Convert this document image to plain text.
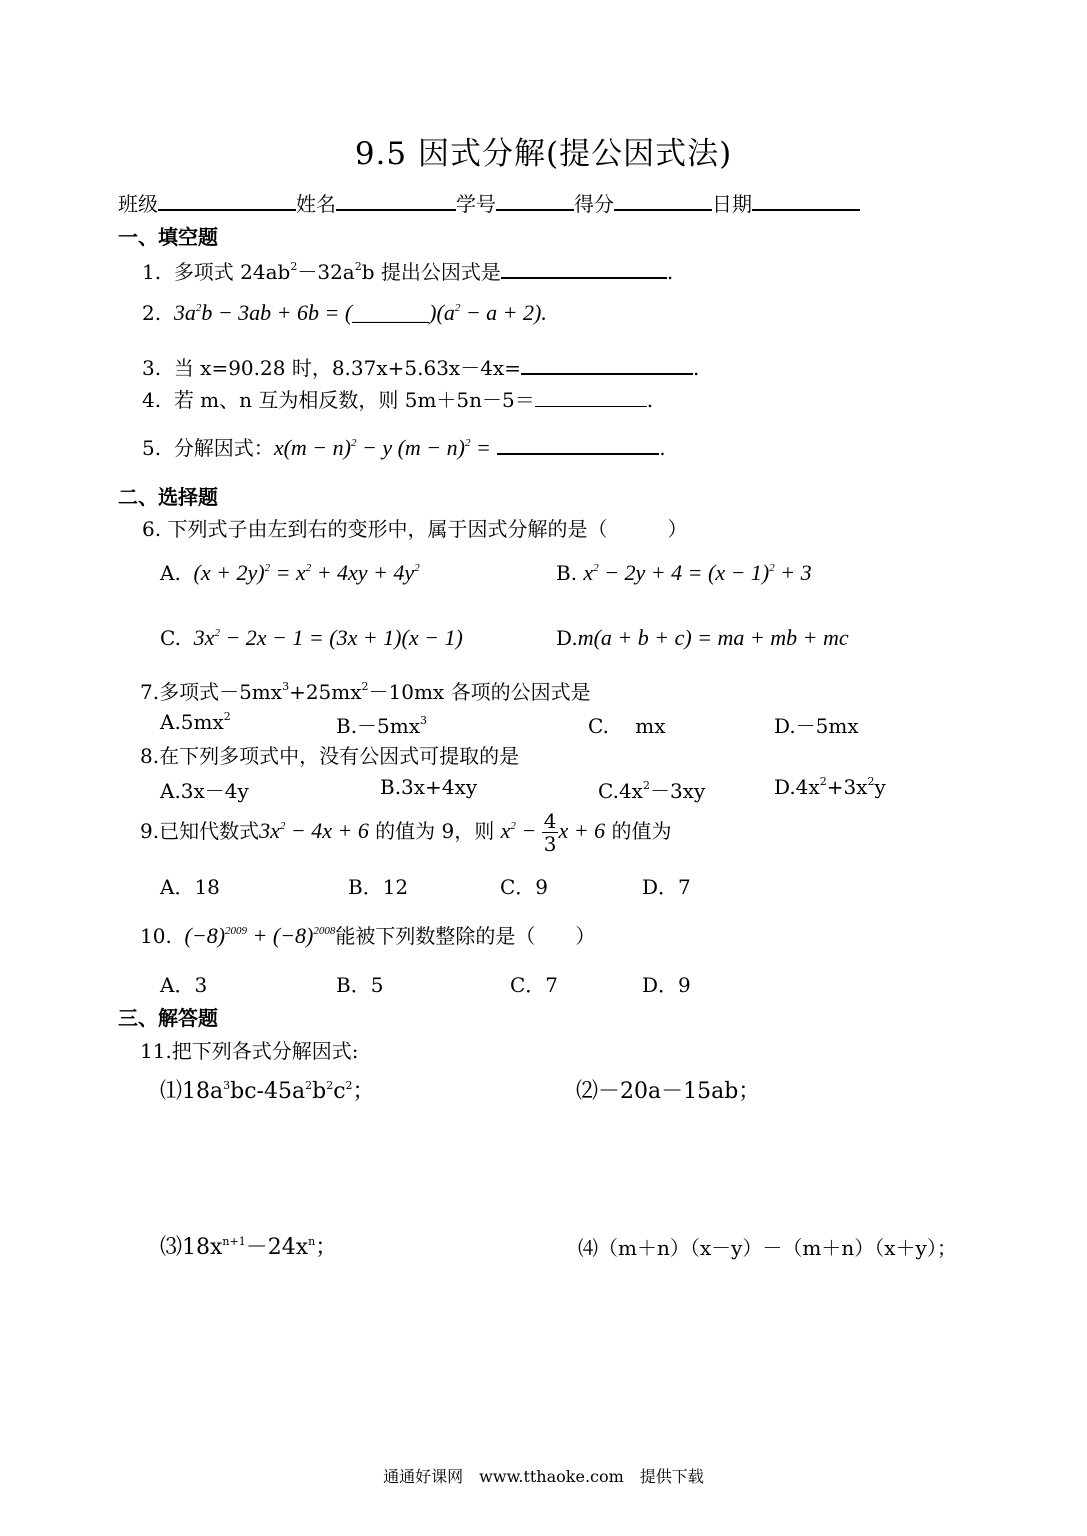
9.5 因式分解(提公因式法)
班级	姓名	学号	得分	日期
一、填空题
1. 多项式 $24ab^2-32a^2b$ 提出公因式是	.
2. $3a^2b - 3ab + 6b$ = $(\_\_\_\_\_\_\_)(a^2 - a + 2)$.
3. 当 x=90.28 时，8.37x+5.63x－4x=	.
4. 若 m、n 互为相反数，则 5m＋5n－5＝	.
5. 分解因式：$x(m - n)^2 - y$ $(m - n)^2$ =	.
二、选择题
6. 下列式子由左到右的变形中，属于因式分解的是（　　　）
A. $(x + 2y)^2 = x^2 + 4xy + 4y^2$	B. $x^2 - 2y + 4 = (x - 1)^2 + 3$
C. $3x^2 - 2x - 1 = (3x + 1)(x - 1)$	D.m(a + b + c) = ma + mb + mc
7.多项式$-5mx^3+25mx^2-10mx$ 各项的公因式是
$A.5mx^2$	$B.-5mx^3$	C.　 mx	D.－5mx
8.在下列多项式中，没有公因式可提取的是
A.3x－4y	B.3x+4xy	$C.4x^2-3xy$	$D.4x^2+3x^2y$
9.已知代数式$3x^2 - 4x + 6$ 的值为 9，则 $x^2 - \frac{4}{3}$ x + 6 的值为
A．18	B．12	C．9	D．7
10. $(-8)^{2009} + (-8)^{2008}$能被下列数整除的是（　　）
A．3	B．5	C．7	D．9
三、解答题
11.把下列各式分解因式:
$⑴18a^3bc-45a^2b^2c^2$；	⑵－20a－15ab；
$⑶18x^{n+1}-24x^n$；	⑷（m＋n）（x－y）－（m＋n）（x＋y）；
通通好课网　www.tthaoke.com　提供下载
